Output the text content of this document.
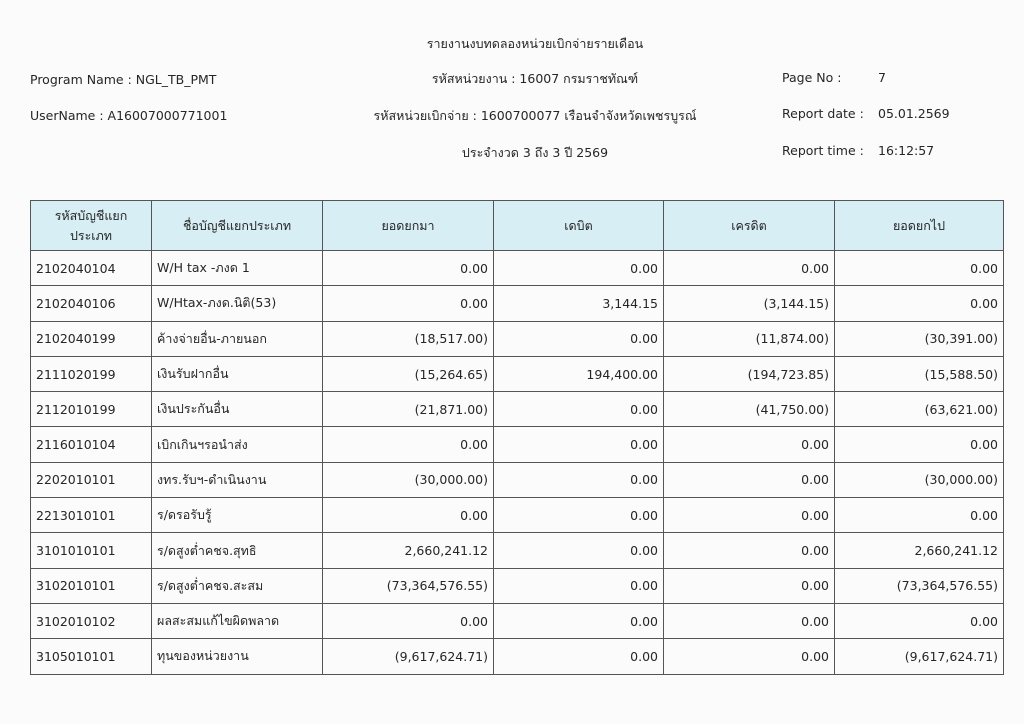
รายงานงบทดลองหน่วยเบิกจ่ายรายเดือน
Program Name : NGL_TB_PMT	รหัสหน่วยงาน : 16007 กรมราชทัณฑ์	Page No :	7
UserName : A16007000771001	รหัสหน่วยเบิกจ่าย : 1600700077 เรือนจำจังหวัดเพชรบูรณ์	Report date : 05.01.2569
ประจำงวด 3 ถึง 3 ปี 2569	Report time : 16:12:57
รหัสบัญชีแยกประเภท	ชื่อบัญชีแยกประเภท	ยอดยกมา	เดบิต	เครดิต	ยอดยกไป
2102040104	W/H tax -ภงด 1	0.00	0.00	0.00	0.00
2102040106	W/Htax-ภงด.นิติ(53)	0.00	3,144.15	(3,144.15)	0.00
2102040199	ค้างจ่ายอื่น-ภายนอก	(18,517.00)	0.00	(11,874.00)	(30,391.00)
2111020199	เงินรับฝากอื่น	(15,264.65)	194,400.00	(194,723.85)	(15,588.50)
2112010199	เงินประกันอื่น	(21,871.00)	0.00	(41,750.00)	(63,621.00)
2116010104	เบิกเกินฯรอนำส่ง	0.00	0.00	0.00	0.00
2202010101	งทร.รับฯ-ดำเนินงาน	(30,000.00)	0.00	0.00	(30,000.00)
2213010101	ร/ดรอรับรู้	0.00	0.00	0.00	0.00
3101010101	ร/ดสูงต่ำคชจ.สุทธิ	2,660,241.12	0.00	0.00	2,660,241.12
3102010101	ร/ดสูงต่ำคชจ.สะสม	(73,364,576.55)	0.00	0.00	(73,364,576.55)
3102010102	ผลสะสมแก้ไขผิดพลาด	0.00	0.00	0.00	0.00
3105010101	ทุนของหน่วยงาน	(9,617,624.71)	0.00	0.00	(9,617,624.71)
